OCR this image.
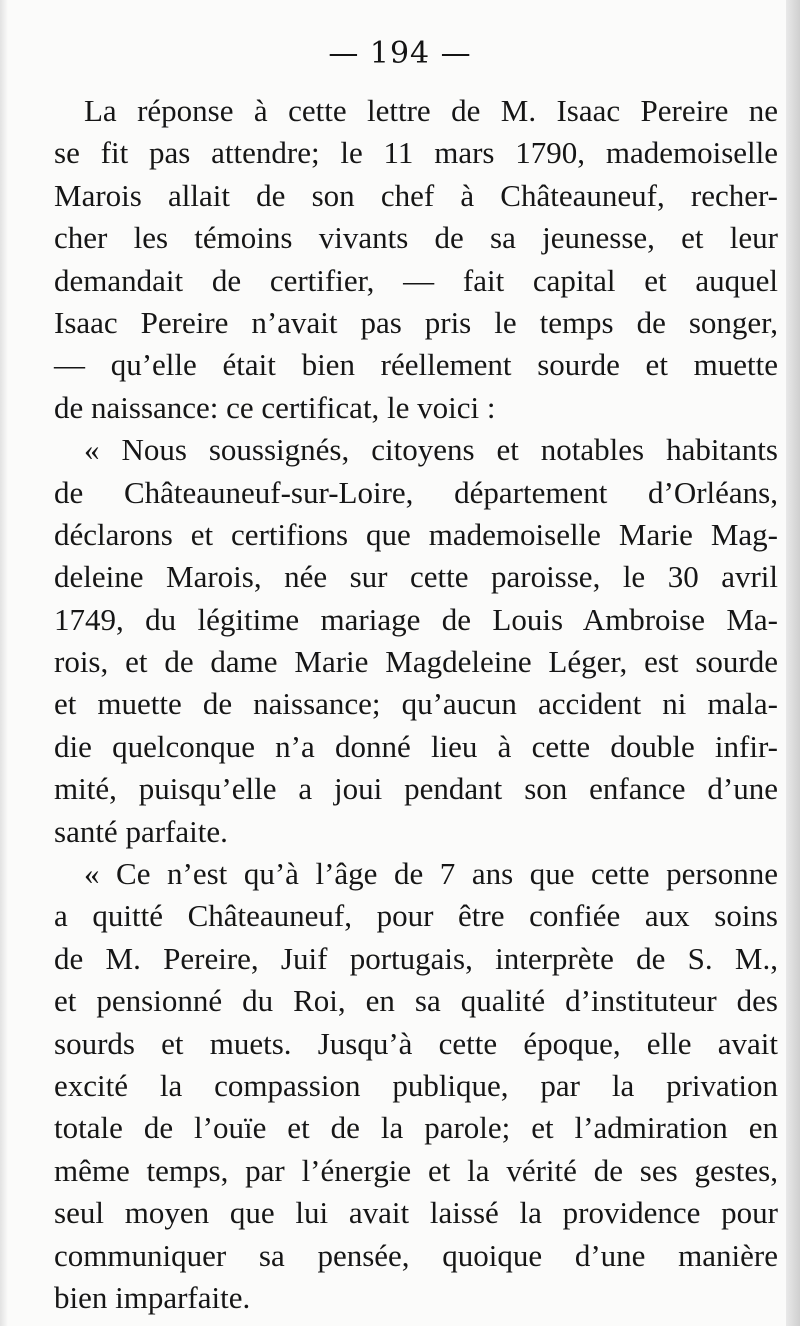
— 194 —
La réponse à cette lettre de M. Isaac Pereire ne
se fit pas attendre; le 11 mars 1790, mademoiselle
Marois allait de son chef à Châteauneuf, recher-
cher les témoins vivants de sa jeunesse, et leur
demandait de certifier, — fait capital et auquel
Isaac Pereire n’avait pas pris le temps de songer,
— qu’elle était bien réellement sourde et muette
de naissance: ce certificat, le voici :
« Nous soussignés, citoyens et notables habitants
de Châteauneuf-sur-Loire, département d’Orléans,
déclarons et certifions que mademoiselle Marie Mag-
deleine Marois, née sur cette paroisse, le 30 avril
1749, du légitime mariage de Louis Ambroise Ma-
rois, et de dame Marie Magdeleine Léger, est sourde
et muette de naissance; qu’aucun accident ni mala-
die quelconque n’a donné lieu à cette double infir-
mité, puisqu’elle a joui pendant son enfance d’une
santé parfaite.
« Ce n’est qu’à l’âge de 7 ans que cette personne
a quitté Châteauneuf, pour être confiée aux soins
de M. Pereire, Juif portugais, interprète de S. M.,
et pensionné du Roi, en sa qualité d’instituteur des
sourds et muets. Jusqu’à cette époque, elle avait
excité la compassion publique, par la privation
totale de l’ouïe et de la parole; et l’admiration en
même temps, par l’énergie et la vérité de ses gestes,
seul moyen que lui avait laissé la providence pour
communiquer sa pensée, quoique d’une manière
bien imparfaite.
